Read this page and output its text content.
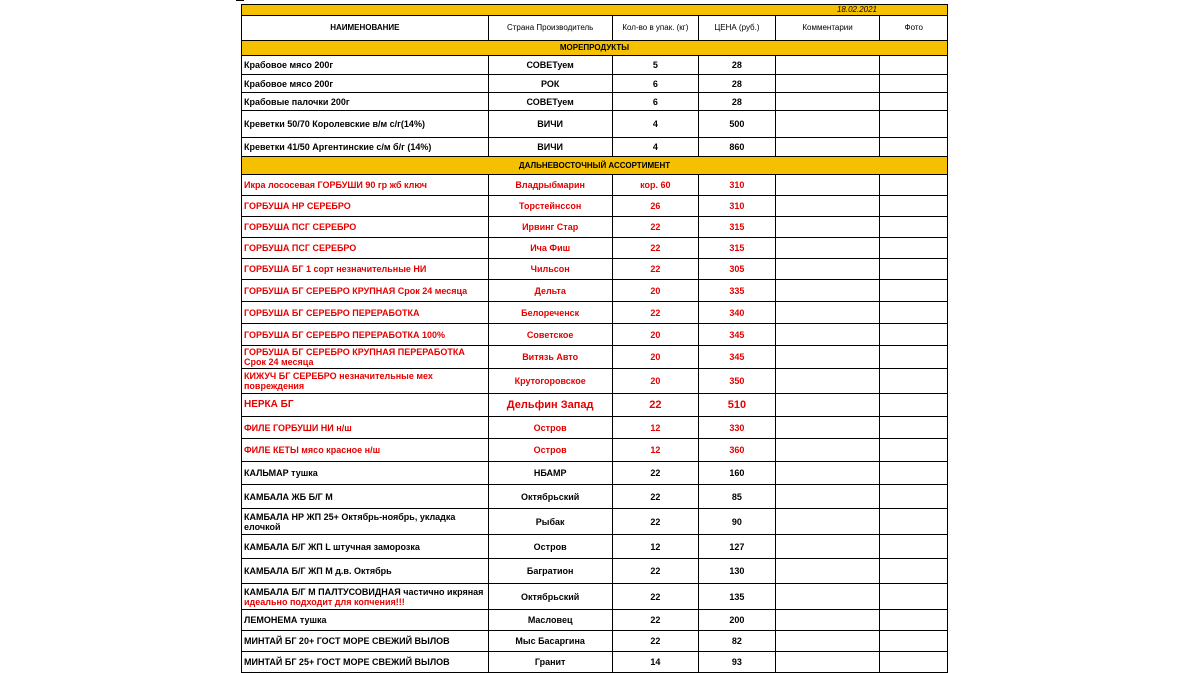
18.02.2021					
НАИМЕНОВАНИЕ	Страна Производитель	Кол-во в упак. (кг)	ЦЕНА (руб.)	Комментарии	Фото
МОРЕПРОДУКТЫ					
Крабовое мясо 200г	СОВЕТуем	5	28		
Крабовое мясо 200г	РОК	6	28		
Крабовые палочки 200г	СОВЕТуем	6	28		
Креветки 50/70 Королевские в/м с/г(14%)	ВИЧИ	4	500		
Креветки 41/50 Аргентинские с/м б/г (14%)	ВИЧИ	4	860		
ДАЛЬНЕВОСТОЧНЫЙ АССОРТИМЕНТ					
Икра лососевая ГОРБУШИ 90 гр жб ключ	Владрыбмарин	кор. 60	310		
ГОРБУША НР СЕРЕБРО	Торстейнссон	26	310		
ГОРБУША ПСГ СЕРЕБРО	Ирвинг Стар	22	315		
ГОРБУША ПСГ СЕРЕБРО	Ича Фиш	22	315		
ГОРБУША БГ 1 сорт незначительные НИ	Чильсон	22	305		
ГОРБУША БГ СЕРЕБРО КРУПНАЯ Срок 24 месяца	Дельта	20	335		
ГОРБУША БГ СЕРЕБРО ПЕРЕРАБОТКА	Белореченск	22	340		
ГОРБУША БГ СЕРЕБРО ПЕРЕРАБОТКА 100%	Советское	20	345		
ГОРБУША БГ СЕРЕБРО КРУПНАЯ ПЕРЕРАБОТКА Срок 24 месяца	Витязь Авто	20	345		
КИЖУЧ БГ СЕРЕБРО незначительные мех повреждения	Крутогоровское	20	350		
НЕРКА БГ	Дельфин Запад	22	510		
ФИЛЕ ГОРБУШИ НИ н/ш	Остров	12	330		
ФИЛЕ КЕТЫ мясо красное н/ш	Остров	12	360		
КАЛЬМАР тушка	НБАМР	22	160		
КАМБАЛА ЖБ Б/Г М	Октябрьский	22	85		
КАМБАЛА НР ЖП 25+ Октябрь-ноябрь, укладка елочкой	Рыбак	22	90		
КАМБАЛА Б/Г ЖП L штучная заморозка	Остров	12	127		
КАМБАЛА Б/Г ЖП М д.в. Октябрь	Багратион	22	130		
КАМБАЛА Б/Г М ПАЛТУСОВИДНАЯ частично икряная идеально подходит для копчения!!!	Октябрьский	22	135		
ЛЕМОНЕМА тушка	Масловец	22	200		
МИНТАЙ БГ 20+ ГОСТ МОРЕ СВЕЖИЙ ВЫЛОВ	Мыс Басаргина	22	82		
МИНТАЙ БГ 25+ ГОСТ МОРЕ СВЕЖИЙ ВЫЛОВ	Гранит	14	93		
